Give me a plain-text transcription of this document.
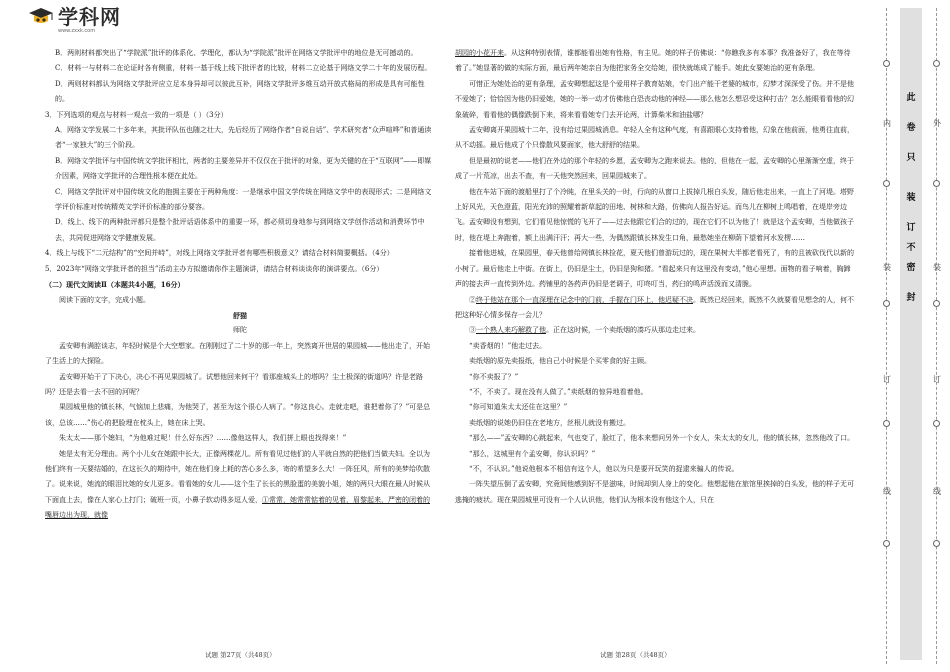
学科网
www.zxxk.com

B．两则材料都突出了“学院派”批评的体系化、学理化，都认为“学院派”批评在网络文学批评中的地位是无可撼动的。

C．材料一与材料二在论证时各有侧重，材料一基于线上线下批评者的比较，材料二立论基于网络文学二十年的发展历程。

D．两则材料都认为网络文学批评应立足本身异却可以彼此互补，网络文学批评多维互动开放式格局的形成是具有可能性的。

3．下列选项的观点与材料一观点一致的一项是（ ）（3分）

A．网络文学发展二十多年来，其批评队伍也随之壮大，先后经历了网络作者“自说自话”、学术研究者“众声喧哗”和普通读者“一家独大”的三个阶段。

B．网络文学批评与中国传统文学批评相比，两者的主要差异并不仅仅在于批评的对象，更为关键的在于“互联网”——即媒介因素，网络文学批评的合理性根本便在此处。

C．网络文学批评对中国传统文化的抱拥主要在于两种角度：一是继承中国文学传统在网络文学中的表现形式；二是网络文学评价标准对传统精英文学评价标准的部分要容。

D．线上、线下的两种批评都只是整个批评话语体系中的重要一环，都必须切身地参与到网络文学创作活动和消费环节中去，共同促进网络文学健康发展。

4．线上与线下“二元结构”的“空间并峙”，对线上网络文学批评者有哪些积极意义？请结合材料简要概括。（4分）

5．2023年“网络文学批评者的担当”活动主办方拟邀请你作主题演讲，请结合材料谈谈你的演讲要点。（6分）

（二）现代文阅读Ⅱ（本题共4小题，16分）

阅读下面的文字，完成小题。

舒猫

师陀

孟安卿有满腔谈志，年轻时候是个大空想家。在刚刚过了二十岁的那一年上，突然离开世居的果园城——他出走了，开始了生活上的大探险。

孟安卿开始干了下决心，决心不再见果园城了。试想他回来何干？看那座城头上的塔吗？尘土极深的街道吗？许是老路吗？还是去看一去不回的河呢？

果园城里他的镇长林，气恼加上悲痛，为他哭了，甚至为这个很心人病了。“你这良心。走就走吧，谁把着你了？”可是总该，总该……”伤心的把脸埋在枕头上，她在床上哭。

朱太太——那个媳妇，“为他难过呢！什么好东西？……像他这样人，我们拼上眼也找得来！”

她是太有无分理由。两个小儿女在她跟中长大，正像两棵花儿。所有看见过他们的人平就自然的把他们当做夫妇。全以为他们终有一天要结婚的，在这长久的期待中，她在他们身上耗的苦心多么多，寄的希望多么大！一阵狂风，所有的美梦给吹散了。说来说，她流的眼泪比她的女儿更多。看看她的女儿——这个生了长长的黑脸蛋的美貌小姐，她的两只大眼在最人时候从下面直上去，像在人家心上打门；破班一页，小鼻子软动得多逗人爱，①常常，她常常惦着的见着，眉黎起来，严密的闭着的嘴唇边出为现，就像

试题 第27页（共48页）

胡园的小花开来。从这种特别表情，谁都能看出她有性格，有主见。她的样子仿佛说：“你瞧我多有本事？我准备好了，我在等待着了。”她显著的做的实际方面，最后两年她亲自为他把家务全交给她，很快就练成了能手。她此女要她治的更有条理。

可惜正为她处治的更有条理，孟安卿想起这是个爱用样子教育姑娘，专门出产能干老婆的城市，幻梦才深深受了伤。并不是他不爱她了；恰恰因为他仍旧爱她，她的一举一动才仿佛他白恐丧动他的神经——那么他怎么想忍受这种打击？怎么能眼看看他的幻象破碎，看看他的偶像跌倒下来，将来看看她专门去开论两，计算柴米和油盐哪？

孟安卿离开果园城十二年，没有给过果园城消息。年轻人全有这种气度，有喜跟眼心支持着他，幻象在他前面，他勇往直前，从不动摇。最后他成了个只像散风要面家，他大舒舒的结果。

但是最初的说老——他们在外边的那个年轻的乡愿，孟安卿为之跑来说去。他的，但他在一起，孟安卿的心里渐渐空虚，终于成了一片荒凉，出去不查，有一天他突然回来，回果园城来了。

他在车站下面的渡船里打了个冷盹，在里头关的一时，行向的从窗口上拔掉几根白头发，随后他走出来，一直上了河堤。塔野上好风光，天色澄蓝，阳光充沛的照耀着新草起的田地、树林和大路，仿佛向人报告好运。而鸟儿在柳树上鸣唱着，在堤岸旁边飞。孟安卿没有想到，它们看见他惊慌的飞开了——过去他跟它们合的过的，现在它们不以为他了！就是这个孟安卿，当他做孩子时，他在堤上奔跑着，额上出满汗汗；再大一些，为偶然跟镇长林发生口角，最愁她坐在柳荫下望着河水发楞……

接着他进城，在果园里，春天他曾给网镇长林捡花，夏天他们曾游玩过的，现在果树大半都老看死了，有的且被砍伐代以新的小树了。最后他走上中街。在街上，仍旧是尘土，仍旧是狗和猪。“看起来只有这里没有变动，”他心里想。面物的看子响着，胸蹄声的接去声一直传到外边。药铺里的各药声仍旧是老调子，叮咚叮当，药臼的鸣声活泼而又清脆。

②终于他站在那个一直深埋在记念中的门前，手握在门环上，他迟疑不决。既然已经回来，既然不久就要看见想念的人，何不把这种好心情多保存一会儿？

③一个熟人来巧解救了他。正在这时候，一个卖纸烟的凑巧从那边走过来。

“卖香烟的！”他走过去。

卖纸烟的原先卖报纸，他自己小时候是个买零食的好主顾。

“你不卖报了？”

“不，不卖了。现在没有人做了。”卖纸烟的惊异地看着他。

“你可知道朱太太还住在这里？”

卖纸烟的说她仍旧住在老地方，丝根儿就没有搬过。

“那么——”孟安卿的心跳起来，气也变了，脸红了，他本来想问另外一个女人，朱太太的女儿，他的镇长林，忽然他改了口。

“那么，这城里有个孟安卿，你认识吗？”

“不，不认识。”他说他根本不相信有这个人，他以为只是要开玩笑的捉逮来骗人的传说。

一阵失望压倒了孟安卿，究竟间他感到好不是滋味，时间却到人身上的变化。他想起他在旅馆里挨掉的白头发，他的样子无可逃掩的疲状。现在果园城里可没有一个人认识他，他们认为根本没有他这个人，只在

试题 第28页（共48页）
内
装
订
线
外
装
订
线
此
卷
只
装
订
不
密
封
